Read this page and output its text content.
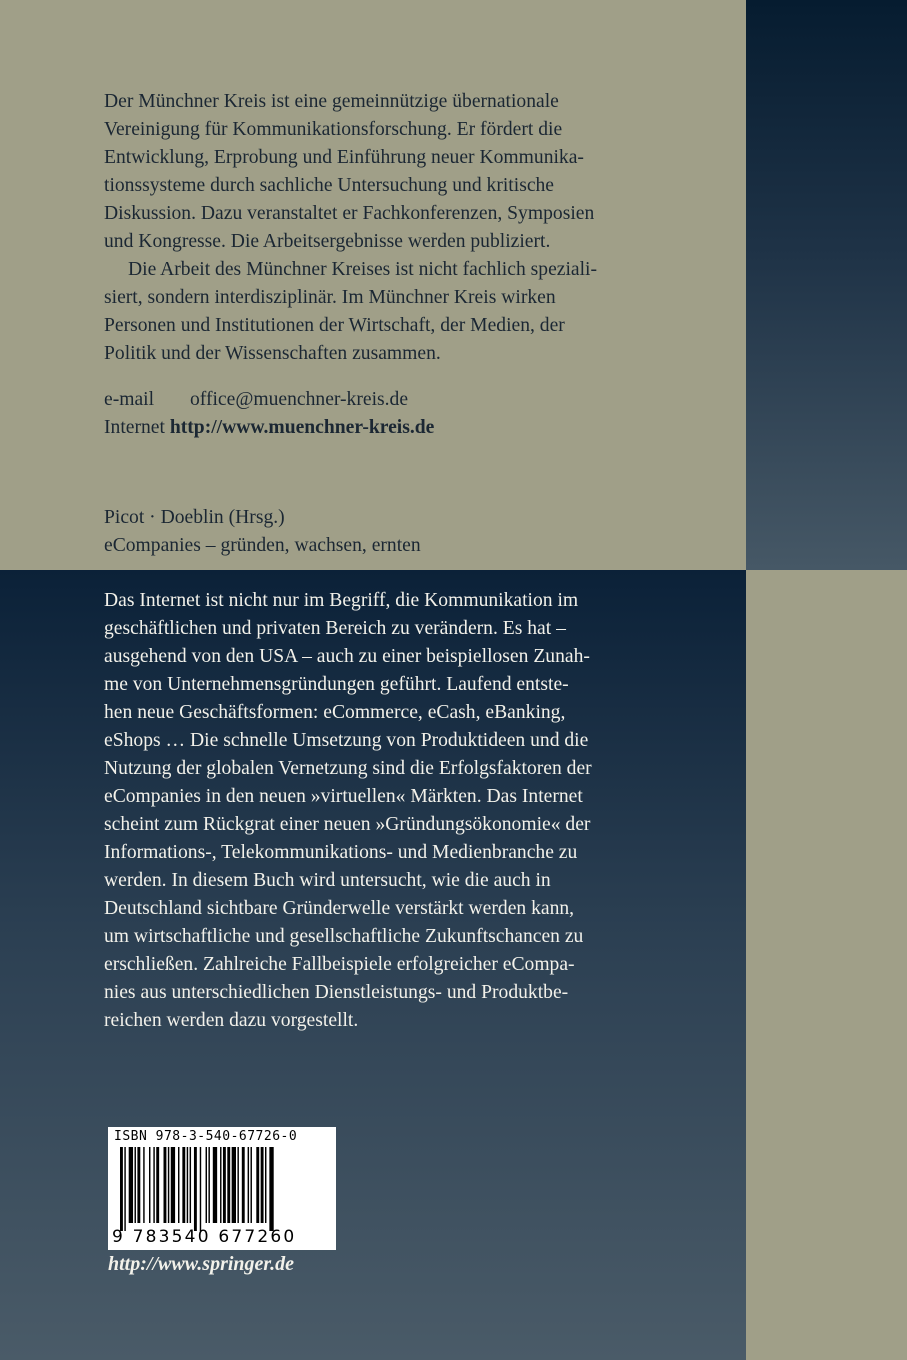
Der Münchner Kreis ist eine gemeinnützige übernationale
Vereinigung für Kommunikationsforschung. Er fördert die
Entwicklung, Erprobung und Einführung neuer Kommunika-
tionssysteme durch sachliche Untersuchung und kritische
Diskussion. Dazu veranstaltet er Fachkonferenzen, Symposien
und Kongresse. Die Arbeitsergebnisse werden publiziert.
Die Arbeit des Münchner Kreises ist nicht fachlich speziali-
siert, sondern interdisziplinär. Im Münchner Kreis wirken
Personen und Institutionen der Wirtschaft, der Medien, der
Politik und der Wissenschaften zusammen.
e-mail office@muenchner-kreis.de
Internet http://www.muenchner-kreis.de
Picot · Doeblin (Hrsg.)
eCompanies – gründen, wachsen, ernten
Das Internet ist nicht nur im Begriff, die Kommunikation im
geschäftlichen und privaten Bereich zu verändern. Es hat –
ausgehend von den USA – auch zu einer beispiellosen Zunah-
me von Unternehmensgründungen geführt. Laufend entste-
hen neue Geschäftsformen: eCommerce, eCash, eBanking,
eShops … Die schnelle Umsetzung von Produktideen und die
Nutzung der globalen Vernetzung sind die Erfolgsfaktoren der
eCompanies in den neuen »virtuellen« Märkten. Das Internet
scheint zum Rückgrat einer neuen »Gründungsökonomie« der
Informations-, Telekommunikations- und Medienbranche zu
werden. In diesem Buch wird untersucht, wie die auch in
Deutschland sichtbare Gründerwelle verstärkt werden kann,
um wirtschaftliche und gesellschaftliche Zukunftschancen zu
erschließen. Zahlreiche Fallbeispiele erfolgreicher eCompa-
nies aus unterschiedlichen Dienstleistungs- und Produktbe-
reichen werden dazu vorgestellt.
ISBN 978-3-540-67726-0
9 783540 677260
http://www.springer.de
